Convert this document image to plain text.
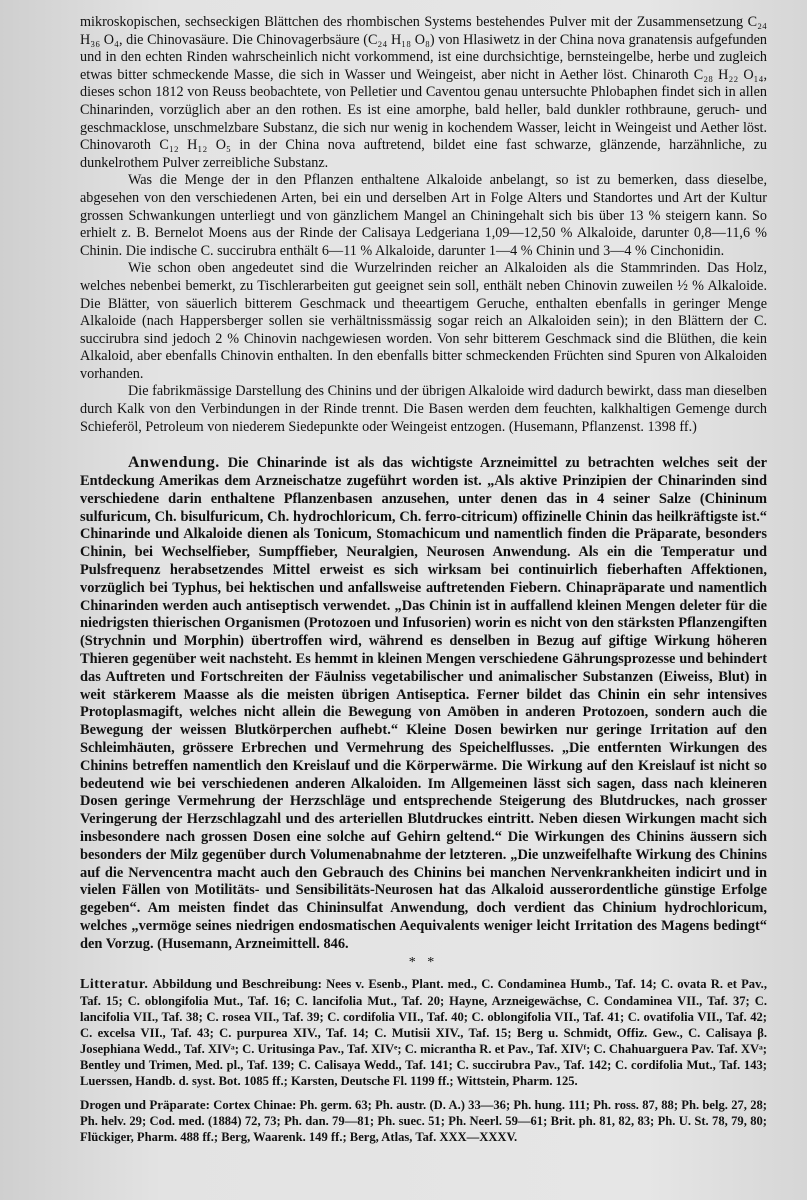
mikroskopischen, sechseckigen Blättchen des rhombischen Systems bestehendes Pulver mit der Zusammensetzung C₂₄ H₃₆ O₄, die Chinovasäure. Die Chinovagerbsäure (C₂₄ H₁₈ O₈) von Hlasiwetz in der China nova granatensis aufgefunden und in den echten Rinden wahrscheinlich nicht vorkommend, ist eine durchsichtige, bernsteingelbe, herbe und zugleich etwas bitter schmeckende Masse, die sich in Wasser und Weingeist, aber nicht in Aether löst. Chinaroth C₂₈ H₂₂ O₁₄, dieses schon 1812 von Reuss beobachtete, von Pelletier und Caventou genau untersuchte Phlobaphen findet sich in allen Chinarinden, vorzüglich aber an den rothen. Es ist eine amorphe, bald heller, bald dunkler rothbraune, geruch- und geschmacklose, unschmelzbare Substanz, die sich nur wenig in kochendem Wasser, leicht in Weingeist und Aether löst. Chinovaroth C₁₂ H₁₂ O₅ in der China nova auftretend, bildet eine fast schwarze, glänzende, harzähnliche, zu dunkelrothem Pulver zerreibliche Substanz.

Was die Menge der in den Pflanzen enthaltene Alkaloide anbelangt, so ist zu bemerken, dass dieselbe, abgesehen von den verschiedenen Arten, bei ein und derselben Art in Folge Alters und Standortes und Art der Kultur grossen Schwankungen unterliegt und von gänzlichem Mangel an Chiningehalt sich bis über 13 % steigern kann. So erhielt z. B. Bernelot Moens aus der Rinde der Calisaya Ledgeriana 1,09—12,50 % Alkaloide, darunter 0,8—11,6 % Chinin. Die indische C. succirubra enthält 6—11 % Alkaloide, darunter 1—4 % Chinin und 3—4 % Cinchonidin.

Wie schon oben angedeutet sind die Wurzelrinden reicher an Alkaloiden als die Stammrinden. Das Holz, welches nebenbei bemerkt, zu Tischlerarbeiten gut geeignet sein soll, enthält neben Chinovin zuweilen ½ % Alkaloide. Die Blätter, von säuerlich bitterem Geschmack und theeartigem Geruche, enthalten ebenfalls in geringer Menge Alkaloide (nach Happersberger sollen sie verhältnissmässig sogar reich an Alkaloiden sein); in den Blättern der C. succirubra sind jedoch 2 % Chinovin nachgewiesen worden. Von sehr bitterem Geschmack sind die Blüthen, die kein Alkaloid, aber ebenfalls Chinovin enthalten. In den ebenfalls bitter schmeckenden Früchten sind Spuren von Alkaloiden vorhanden.

Die fabrikmässige Darstellung des Chinins und der übrigen Alkaloide wird dadurch bewirkt, dass man dieselben durch Kalk von den Verbindungen in der Rinde trennt. Die Basen werden dem feuchten, kalkhaltigen Gemenge durch Schieferöl, Petroleum von niederem Siedepunkte oder Weingeist entzogen. (Husemann, Pflanzenst. 1398 ff.)

Anwendung. Die Chinarinde ist als das wichtigste Arzneimittel zu betrachten welches seit der Entdeckung Amerikas dem Arzneischatze zugeführt worden ist. „Als aktive Prinzipien der Chinarinden sind verschiedene darin enthaltene Pflanzenbasen anzusehen, unter denen das in 4 seiner Salze (Chininum sulfuricum, Ch. bisulfuricum, Ch. hydrochloricum, Ch. ferro-citricum) offizinelle Chinin das heilkräftigste ist.“ Chinarinde und Alkaloide dienen als Tonicum, Stomachicum und namentlich finden die Präparate, besonders Chinin, bei Wechselfieber, Sumpffieber, Neuralgien, Neurosen Anwendung. Als ein die Temperatur und Pulsfrequenz herabsetzendes Mittel erweist es sich wirksam bei continuirlich fieberhaften Affektionen, vorzüglich bei Typhus, bei hektischen und anfallsweise auftretenden Fiebern. Chinapräparate und namentlich Chinarinden werden auch antiseptisch verwendet. „Das Chinin ist in auffallend kleinen Mengen deleter für die niedrigsten thierischen Organismen (Protozoen und Infusorien) worin es nicht von den stärksten Pflanzengiften (Strychnin und Morphin) übertroffen wird, während es denselben in Bezug auf giftige Wirkung höheren Thieren gegenüber weit nachsteht. Es hemmt in kleinen Mengen verschiedene Gährungsprozesse und behindert das Auftreten und Fortschreiten der Fäulniss vegetabilischer und animalischer Substanzen (Eiweiss, Blut) in weit stärkerem Maasse als die meisten übrigen Antiseptica. Ferner bildet das Chinin ein sehr intensives Protoplasmagift, welches nicht allein die Bewegung von Amöben in anderen Protozoen, sondern auch die Bewegung der weissen Blutkörperchen aufhebt.“ Kleine Dosen bewirken nur geringe Irritation auf den Schleimhäuten, grössere Erbrechen und Vermehrung des Speichelflusses. „Die entfernten Wirkungen des Chinins betreffen namentlich den Kreislauf und die Körperwärme. Die Wirkung auf den Kreislauf ist nicht so bedeutend wie bei verschiedenen anderen Alkaloiden. Im Allgemeinen lässt sich sagen, dass nach kleineren Dosen geringe Vermehrung der Herzschläge und entsprechende Steigerung des Blutdruckes, nach grosser Veringerung der Herzschlagzahl und des arteriellen Blutdruckes eintritt. Neben diesen Wirkungen macht sich insbesondere nach grossen Dosen eine solche auf Gehirn geltend.“ Die Wirkungen des Chinins äussern sich besonders der Milz gegenüber durch Volumenabnahme der letzteren. „Die unzweifelhafte Wirkung des Chinins auf die Nervencentra macht auch den Gebrauch des Chinins bei manchen Nervenkrankheiten indicirt und in vielen Fällen von Motilitäts- und Sensibilitäts-Neurosen hat das Alkaloid ausserordentliche günstige Erfolge gegeben“. Am meisten findet das Chininsulfat Anwendung, doch verdient das Chinium hydrochloricum, welches „vermöge seines niedrigen endosmatischen Aequivalents weniger leicht Irritation des Magens bedingt“ den Vorzug. (Husemann, Arzneimittell. 846.

* *

Litteratur. Abbildung und Beschreibung: Nees v. Esenb., Plant. med., C. Condaminea Humb., Taf. 14; C. ovata R. et Pav., Taf. 15; C. oblongifolia Mut., Taf. 16; C. lancifolia Mut., Taf. 20; Hayne, Arzneigewächse, C. Condaminea VII., Taf. 37; C. lancifolia VII., Taf. 38; C. rosea VII., Taf. 39; C. cordifolia VII., Taf. 40; C. oblongifolia VII., Taf. 41; C. ovatifolia VII., Taf. 42; C. excelsa VII., Taf. 43; C. purpurea XIV., Taf. 14; C. Mutisii XIV., Taf. 15; Berg u. Schmidt, Offiz. Gew., C. Calisaya β. Josephiana Wedd., Taf. XIVᵃ; C. Uritusinga Pav., Taf. XIVᵉ; C. micrantha R. et Pav., Taf. XIVᶠ; C. Chahuarguera Pav. Taf. XVᵃ; Bentley und Trimen, Med. pl., Taf. 139; C. Calisaya Wedd., Taf. 141; C. succirubra Pav., Taf. 142; C. cordifolia Mut., Taf. 143; Luerssen, Handb. d. syst. Bot. 1085 ff.; Karsten, Deutsche Fl. 1199 ff.; Wittstein, Pharm. 125.

Drogen und Präparate: Cortex Chinae: Ph. germ. 63; Ph. austr. (D. A.) 33—36; Ph. hung. 111; Ph. ross. 87, 88; Ph. belg. 27, 28; Ph. helv. 29; Cod. med. (1884) 72, 73; Ph. dan. 79—81; Ph. suec. 51; Ph. Neerl. 59—61; Brit. ph. 81, 82, 83; Ph. U. St. 78, 79, 80; Flückiger, Pharm. 488 ff.; Berg, Waarenk. 149 ff.; Berg, Atlas, Taf. XXX—XXXV.
